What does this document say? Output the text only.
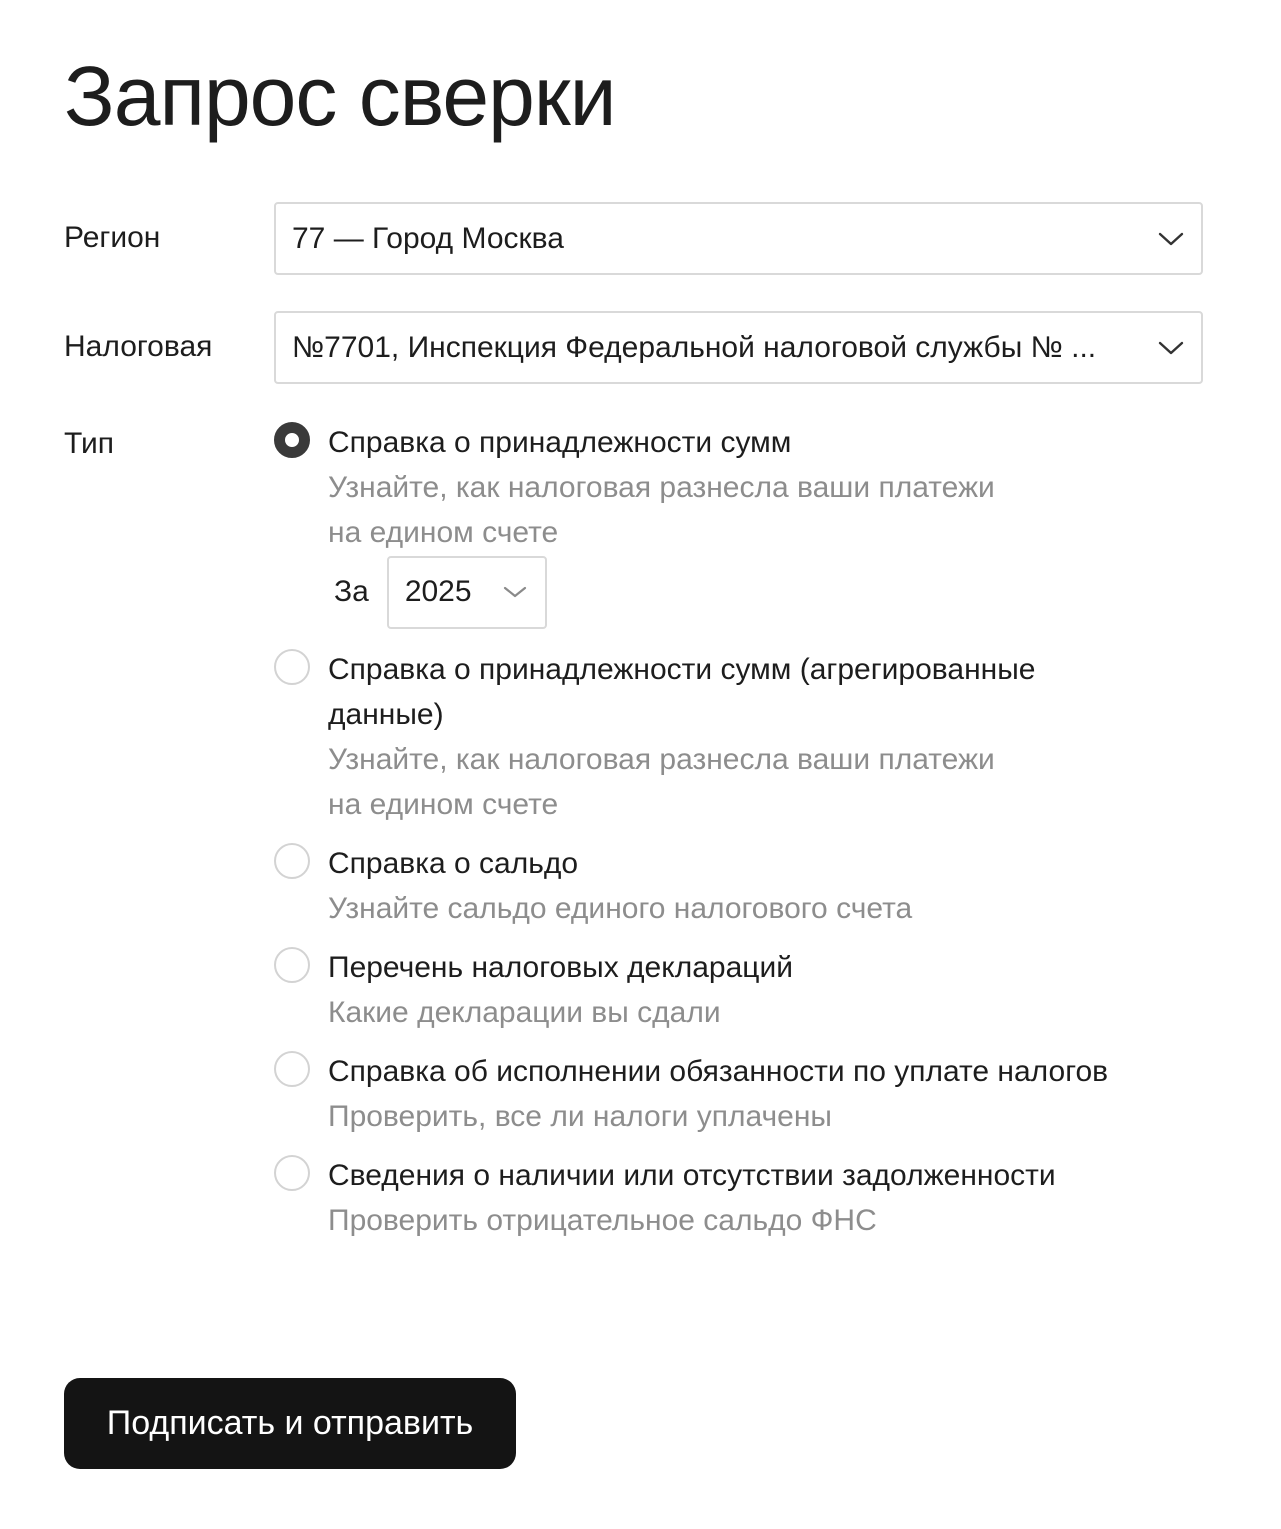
Запрос сверки
Регион	77 — Город Москва
Налоговая	№7701, Инспекция Федеральной налоговой службы № ...
Тип	Справка о принадлежности сумм
Узнайте, как налоговая разнесла ваши платежи
на едином счете
За 2025
Справка о принадлежности сумм (агрегированные
данные)
Узнайте, как налоговая разнесла ваши платежи
на едином счете
Справка о сальдо
Узнайте сальдо единого налогового счета
Перечень налоговых деклараций
Какие декларации вы сдали
Справка об исполнении обязанности по уплате налогов
Проверить, все ли налоги уплачены
Сведения о наличии или отсутствии задолженности
Проверить отрицательное сальдо ФНС
Подписать и отправить
